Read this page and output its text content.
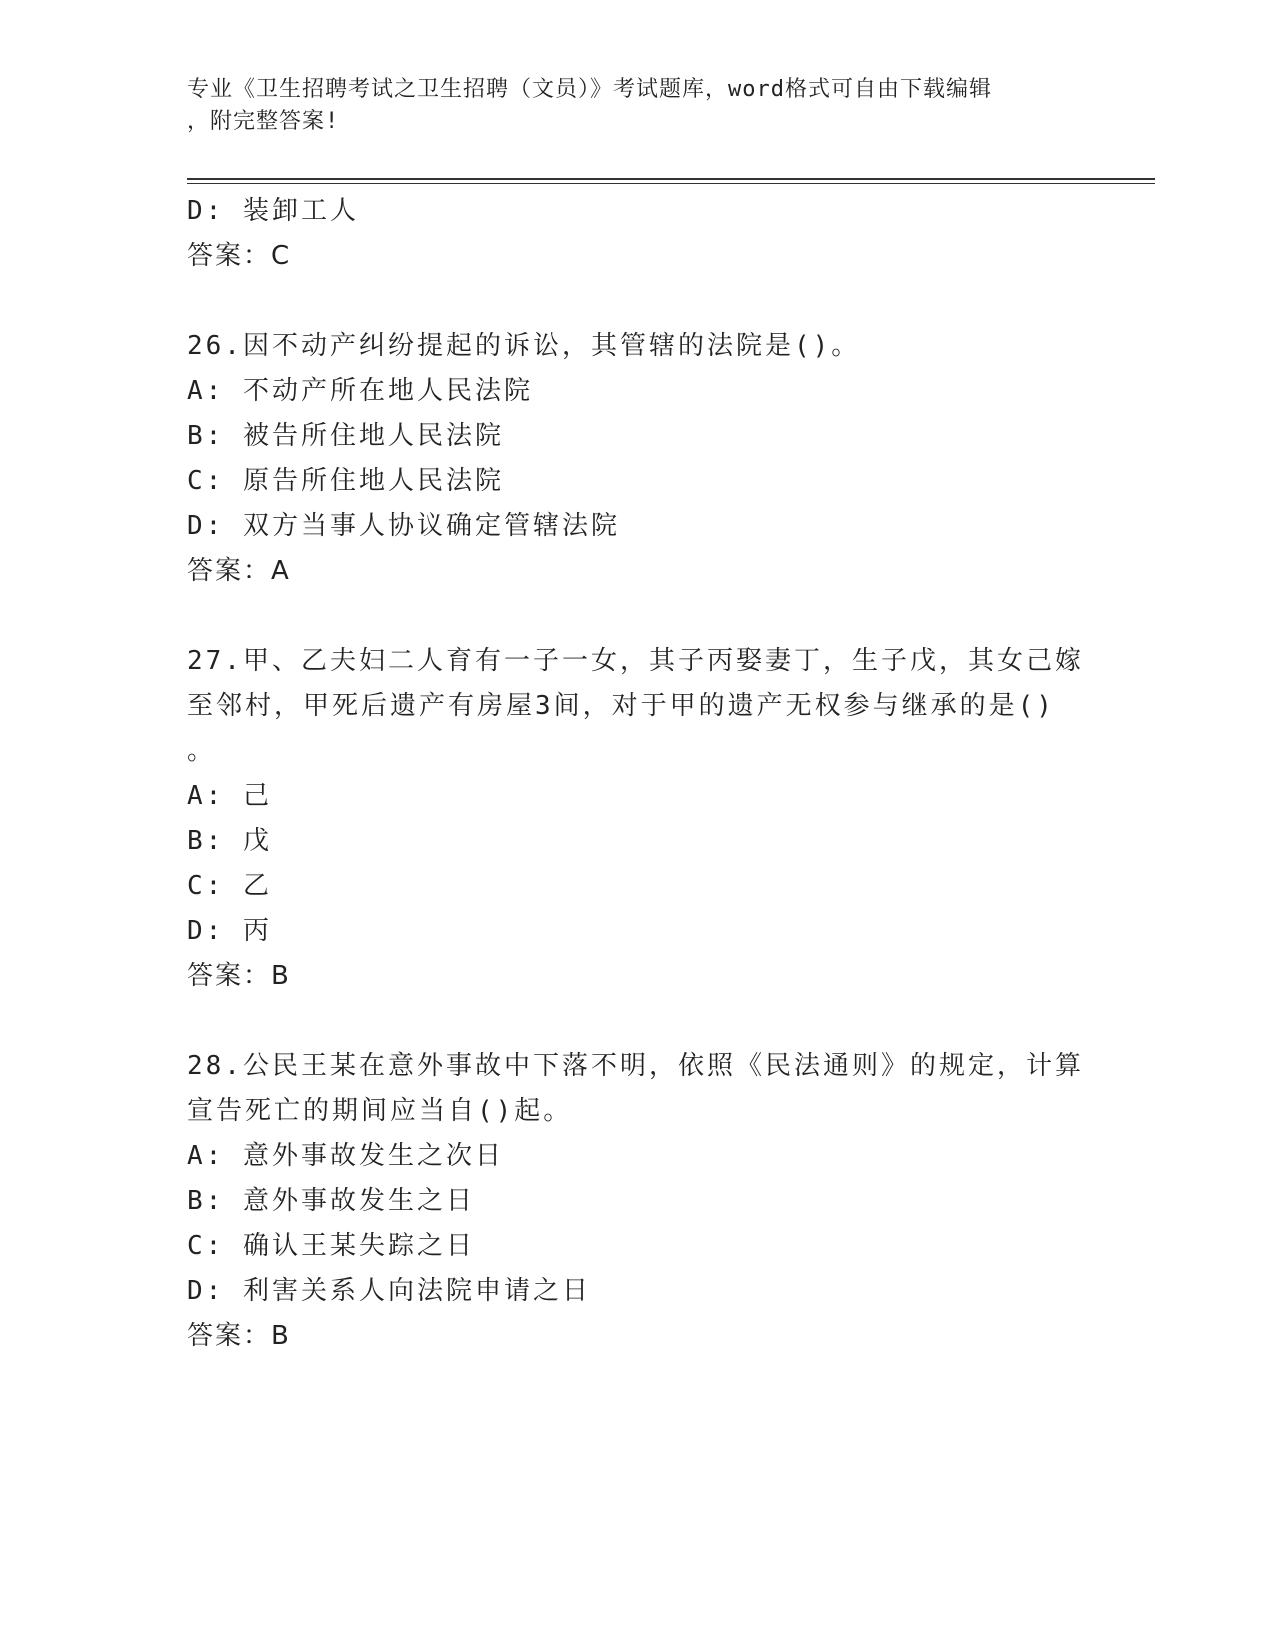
专业《卫生招聘考试之卫生招聘（文员）》考试题库，word格式可自由下载编辑
，附完整答案!
D: 装卸工人
答案：C
26.因不动产纠纷提起的诉讼，其管辖的法院是()。
A: 不动产所在地人民法院
B: 被告所住地人民法院
C: 原告所住地人民法院
D: 双方当事人协议确定管辖法院
答案：A
27.甲、乙夫妇二人育有一子一女，其子丙娶妻丁，生子戊，其女己嫁
至邻村，甲死后遗产有房屋3间，对于甲的遗产无权参与继承的是()
。
A: 己
B: 戊
C: 乙
D: 丙
答案：B
28.公民王某在意外事故中下落不明，依照《民法通则》的规定，计算
宣告死亡的期间应当自()起。
A: 意外事故发生之次日
B: 意外事故发生之日
C: 确认王某失踪之日
D: 利害关系人向法院申请之日
答案：B
